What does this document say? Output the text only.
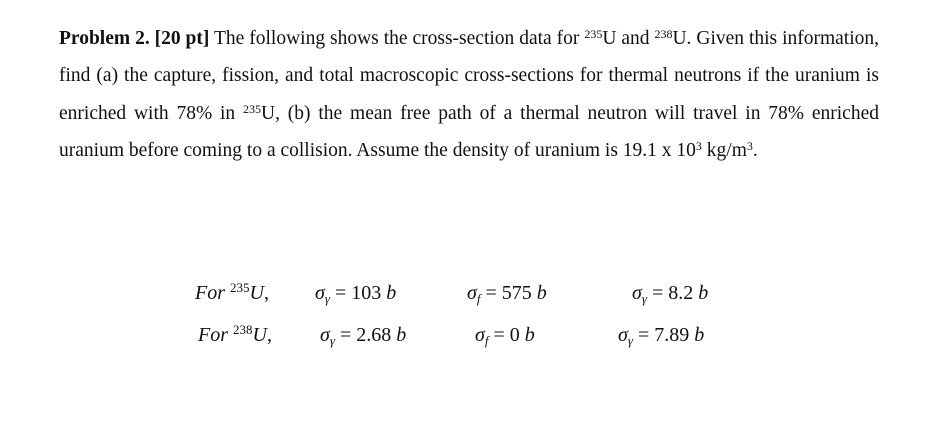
Problem 2. [20 pt] The following shows the cross-section data for $^{235}$U and $^{238}$U. Given this information, find (a) the capture, fission, and total macroscopic cross-sections for thermal neutrons if the uranium is enriched with 78% in $^{235}$U, (b) the mean free path of a thermal neutron will travel in 78% enriched uranium before coming to a collision. Assume the density of uranium is 19.1 x $10^3$ $kg/m^3$.
For $^{235}$U, $\sigma_\gamma = 103$ b	$\sigma_f = 575$ b	$\sigma_\gamma = 8.2$ b
For $^{238}$U, $\sigma_\gamma = 2.68$ b	$\sigma_f = 0$ b	$\sigma_\gamma = 7.89$ b
